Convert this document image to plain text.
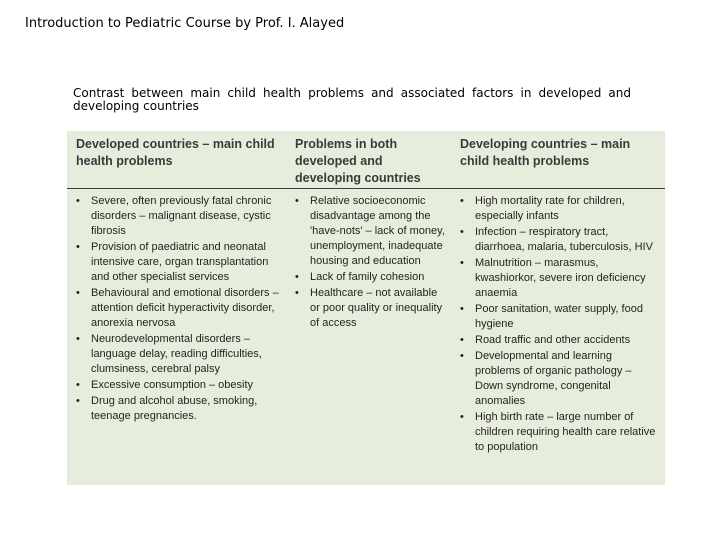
Introduction to Pediatric Course by Prof. I. Alayed
Contrast between main child health problems and associated factors in developed and developing countries
Developed countries – main child health problems
Problems in both developed and developing countries
Developing countries – main child health problems
• Severe, often previously fatal chronic disorders – malignant disease, cystic fibrosis
• Provision of paediatric and neonatal intensive care, organ transplantation and other specialist services
• Behavioural and emotional disorders – attention deficit hyperactivity disorder, anorexia nervosa
• Neurodevelopmental disorders – language delay, reading difficulties, clumsiness, cerebral palsy
• Excessive consumption – obesity
• Drug and alcohol abuse, smoking, teenage pregnancies.
• Relative socioeconomic disadvantage among the 'have-nots' – lack of money, unemployment, inadequate housing and education
• Lack of family cohesion
• Healthcare – not available or poor quality or inequality of access
• High mortality rate for children, especially infants
• Infection – respiratory tract, diarrhoea, malaria, tuberculosis, HIV
• Malnutrition – marasmus, kwashiorkor, severe iron deficiency anaemia
• Poor sanitation, water supply, food hygiene
• Road traffic and other accidents
• Developmental and learning problems of organic pathology – Down syndrome, congenital anomalies
• High birth rate – large number of children requiring health care relative to population
